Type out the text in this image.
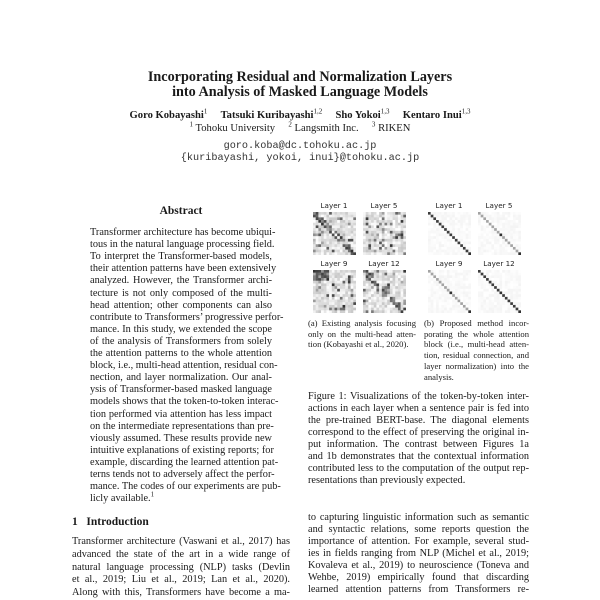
Incorporating Residual and Normalization Layers
into Analysis of Masked Language Models
Goro Kobayashi$^1$ Tatsuki Kuribayashi$^{1,2}$ Sho Yokoi$^{1,3}$ Kentaro Inui$^{1,3}$
$^1$ Tohoku University $^2$ Langsmith Inc. $^3$ RIKEN
goro.koba@dc.tohoku.ac.jp
{kuribayashi, yokoi, inui}@tohoku.ac.jp
Abstract
Transformer architecture has become ubiqui-
tous in the natural language processing field.
To interpret the Transformer-based models,
their attention patterns have been extensively
analyzed. However, the Transformer archi-
tecture is not only composed of the multi-
head attention; other components can also
contribute to Transformers’ progressive perfor-
mance. In this study, we extended the scope
of the analysis of Transformers from solely
the attention patterns to the whole attention
block, i.e., multi-head attention, residual con-
nection, and layer normalization. Our anal-
ysis of Transformer-based masked language
models shows that the token-to-token interac-
tion performed via attention has less impact
on the intermediate representations than pre-
viously assumed. These results provide new
intuitive explanations of existing reports; for
example, discarding the learned attention pat-
terns tends not to adversely affect the perfor-
mance. The codes of our experiments are pub-
licly available.$^1$
1 Introduction
Transformer architecture (Vaswani et al., 2017) has
advanced the state of the art in a wide range of
natural language processing (NLP) tasks (Devlin
et al., 2019; Liu et al., 2019; Lan et al., 2020).
Along with this, Transformers have become a ma-
Layer 1	Layer 5
Layer 9	Layer 12
Layer 1	Layer 5
Layer 9	Layer 12
(a) Existing analysis focusing
only on the multi-head atten-
tion (Kobayashi et al., 2020).
(b) Proposed method incor-
porating the whole attention
block (i.e., multi-head atten-
tion, residual connection, and
layer normalization) into the
analysis.
Figure 1: Visualizations of the token-by-token inter-
actions in each layer when a sentence pair is fed into
the pre-trained BERT-base. The diagonal elements
correspond to the effect of preserving the original in-
put information. The contrast between Figures 1a
and 1b demonstrates that the contextual information
contributed less to the computation of the output rep-
resentations than previously expected.
to capturing linguistic information such as semantic
and syntactic relations, some reports question the
importance of attention. For example, several stud-
ies in fields ranging from NLP (Michel et al., 2019;
Kovaleva et al., 2019) to neuroscience (Toneva and
Wehbe, 2019) empirically found that discarding
learned attention patterns from Transformers re-
